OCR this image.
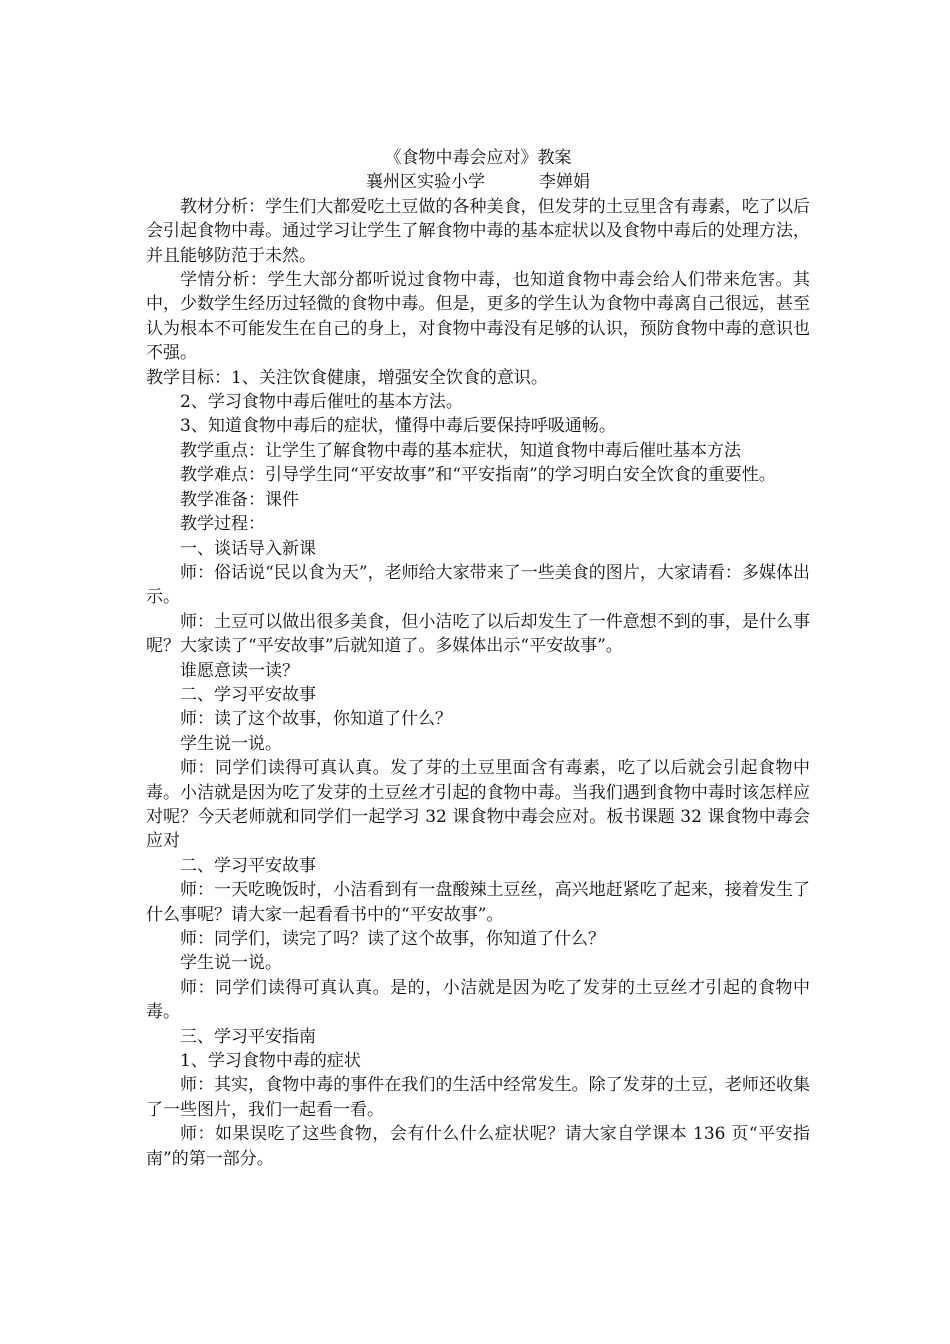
《食物中毒会应对》教案

襄州区实验小学          李婵娟

教材分析：学生们大都爱吃土豆做的各种美食，但发芽的土豆里含有毒素，吃了以后会引起食物中毒。通过学习让学生了解食物中毒的基本症状以及食物中毒后的处理方法，并且能够防范于未然。

学情分析：学生大部分都听说过食物中毒，也知道食物中毒会给人们带来危害。其中，少数学生经历过轻微的食物中毒。但是，更多的学生认为食物中毒离自己很远，甚至认为根本不可能发生在自己的身上，对食物中毒没有足够的认识，预防食物中毒的意识也不强。

教学目标：1、关注饮食健康，增强安全饮食的意识。

2、学习食物中毒后催吐的基本方法。

3、知道食物中毒后的症状，懂得中毒后要保持呼吸通畅。

教学重点：让学生了解食物中毒的基本症状，知道食物中毒后催吐基本方法

教学难点：引导学生同“平安故事”和“平安指南”的学习明白安全饮食的重要性。

教学准备：课件

教学过程：

一、谈话导入新课

师：俗话说“民以食为天”，老师给大家带来了一些美食的图片，大家请看：多媒体出示。

师：土豆可以做出很多美食，但小洁吃了以后却发生了一件意想不到的事，是什么事呢？大家读了“平安故事”后就知道了。多媒体出示“平安故事”。

谁愿意读一读？

二、学习平安故事

师：读了这个故事，你知道了什么？

学生说一说。

师：同学们读得可真认真。发了芽的土豆里面含有毒素，吃了以后就会引起食物中毒。小洁就是因为吃了发芽的土豆丝才引起的食物中毒。当我们遇到食物中毒时该怎样应对呢？今天老师就和同学们一起学习 32 课食物中毒会应对。板书课题 32 课食物中毒会应对

二、学习平安故事

师：一天吃晚饭时，小洁看到有一盘酸辣土豆丝，高兴地赶紧吃了起来，接着发生了什么事呢？请大家一起看看书中的“平安故事”。

师：同学们，读完了吗？读了这个故事，你知道了什么？

学生说一说。

师：同学们读得可真认真。是的，小洁就是因为吃了发芽的土豆丝才引起的食物中毒。

三、学习平安指南

1、学习食物中毒的症状

师：其实，食物中毒的事件在我们的生活中经常发生。除了发芽的土豆，老师还收集了一些图片，我们一起看一看。

师：如果误吃了这些食物，会有什么什么症状呢？请大家自学课本 136 页“平安指南”的第一部分。
